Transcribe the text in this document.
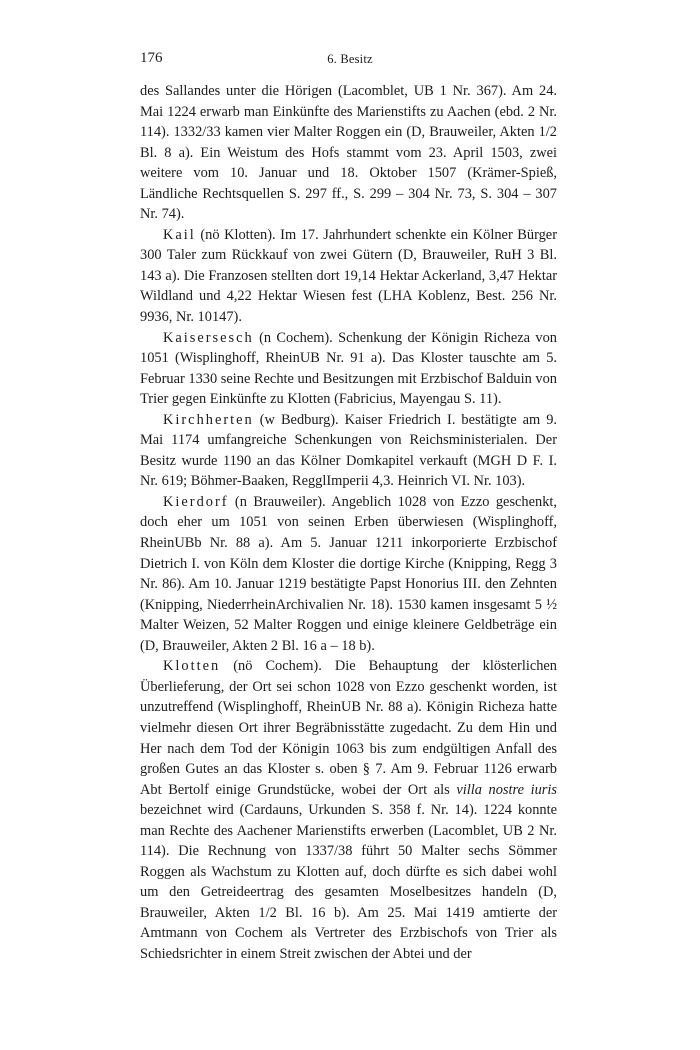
176	6. Besitz

des Sallandes unter die Hörigen (Lacomblet, UB 1 Nr. 367). Am 24. Mai 1224 erwarb man Einkünfte des Marienstifts zu Aachen (ebd. 2 Nr. 114). 1332/33 kamen vier Malter Roggen ein (D, Brauweiler, Akten 1/2 Bl. 8 a). Ein Weistum des Hofs stammt vom 23. April 1503, zwei weitere vom 10. Januar und 18. Oktober 1507 (Krämer-Spieß, Ländliche Rechtsquellen S. 297 ff., S. 299 – 304 Nr. 73, S. 304 – 307 Nr. 74).

Kail (nö Klotten). Im 17. Jahrhundert schenkte ein Kölner Bürger 300 Taler zum Rückkauf von zwei Gütern (D, Brauweiler, RuH 3 Bl. 143 a). Die Franzosen stellten dort 19,14 Hektar Ackerland, 3,47 Hektar Wildland und 4,22 Hektar Wiesen fest (LHA Koblenz, Best. 256 Nr. 9936, Nr. 10147).

Kaisersesch (n Cochem). Schenkung der Königin Richeza von 1051 (Wisplinghoff, RheinUB Nr. 91 a). Das Kloster tauschte am 5. Februar 1330 seine Rechte und Besitzungen mit Erzbischof Balduin von Trier gegen Einkünfte zu Klotten (Fabricius, Mayengau S. 11).

Kirchherten (w Bedburg). Kaiser Friedrich I. bestätigte am 9. Mai 1174 umfangreiche Schenkungen von Reichsministerialen. Der Besitz wurde 1190 an das Kölner Domkapitel verkauft (MGH D F. I. Nr. 619; Böhmer-Baaken, RegglImperii 4,3. Heinrich VI. Nr. 103).

Kierdorf (n Brauweiler). Angeblich 1028 von Ezzo geschenkt, doch eher um 1051 von seinen Erben überwiesen (Wisplinghoff, RheinUBb Nr. 88 a). Am 5. Januar 1211 inkorporierte Erzbischof Dietrich I. von Köln dem Kloster die dortige Kirche (Knipping, Regg 3 Nr. 86). Am 10. Januar 1219 bestätigte Papst Honorius III. den Zehnten (Knipping, NiederrheinArchivalien Nr. 18). 1530 kamen insgesamt 5 ½ Malter Weizen, 52 Malter Roggen und einige kleinere Geldbeträge ein (D, Brauweiler, Akten 2 Bl. 16 a – 18 b).

Klotten (nö Cochem). Die Behauptung der klösterlichen Überlieferung, der Ort sei schon 1028 von Ezzo geschenkt worden, ist unzutreffend (Wisplinghoff, RheinUB Nr. 88 a). Königin Richeza hatte vielmehr diesen Ort ihrer Begräbnisstätte zugedacht. Zu dem Hin und Her nach dem Tod der Königin 1063 bis zum endgültigen Anfall des großen Gutes an das Kloster s. oben § 7. Am 9. Februar 1126 erwarb Abt Bertolf einige Grundstücke, wobei der Ort als villa nostre iuris bezeichnet wird (Cardauns, Urkunden S. 358 f. Nr. 14). 1224 konnte man Rechte des Aachener Marienstifts erwerben (Lacomblet, UB 2 Nr. 114). Die Rechnung von 1337/38 führt 50 Malter sechs Sömmer Roggen als Wachstum zu Klotten auf, doch dürfte es sich dabei wohl um den Getreideertrag des gesamten Moselbesitzes handeln (D, Brauweiler, Akten 1/2 Bl. 16 b). Am 25. Mai 1419 amtierte der Amtmann von Cochem als Vertreter des Erzbischofs von Trier als Schiedsrichter in einem Streit zwischen der Abtei und der
